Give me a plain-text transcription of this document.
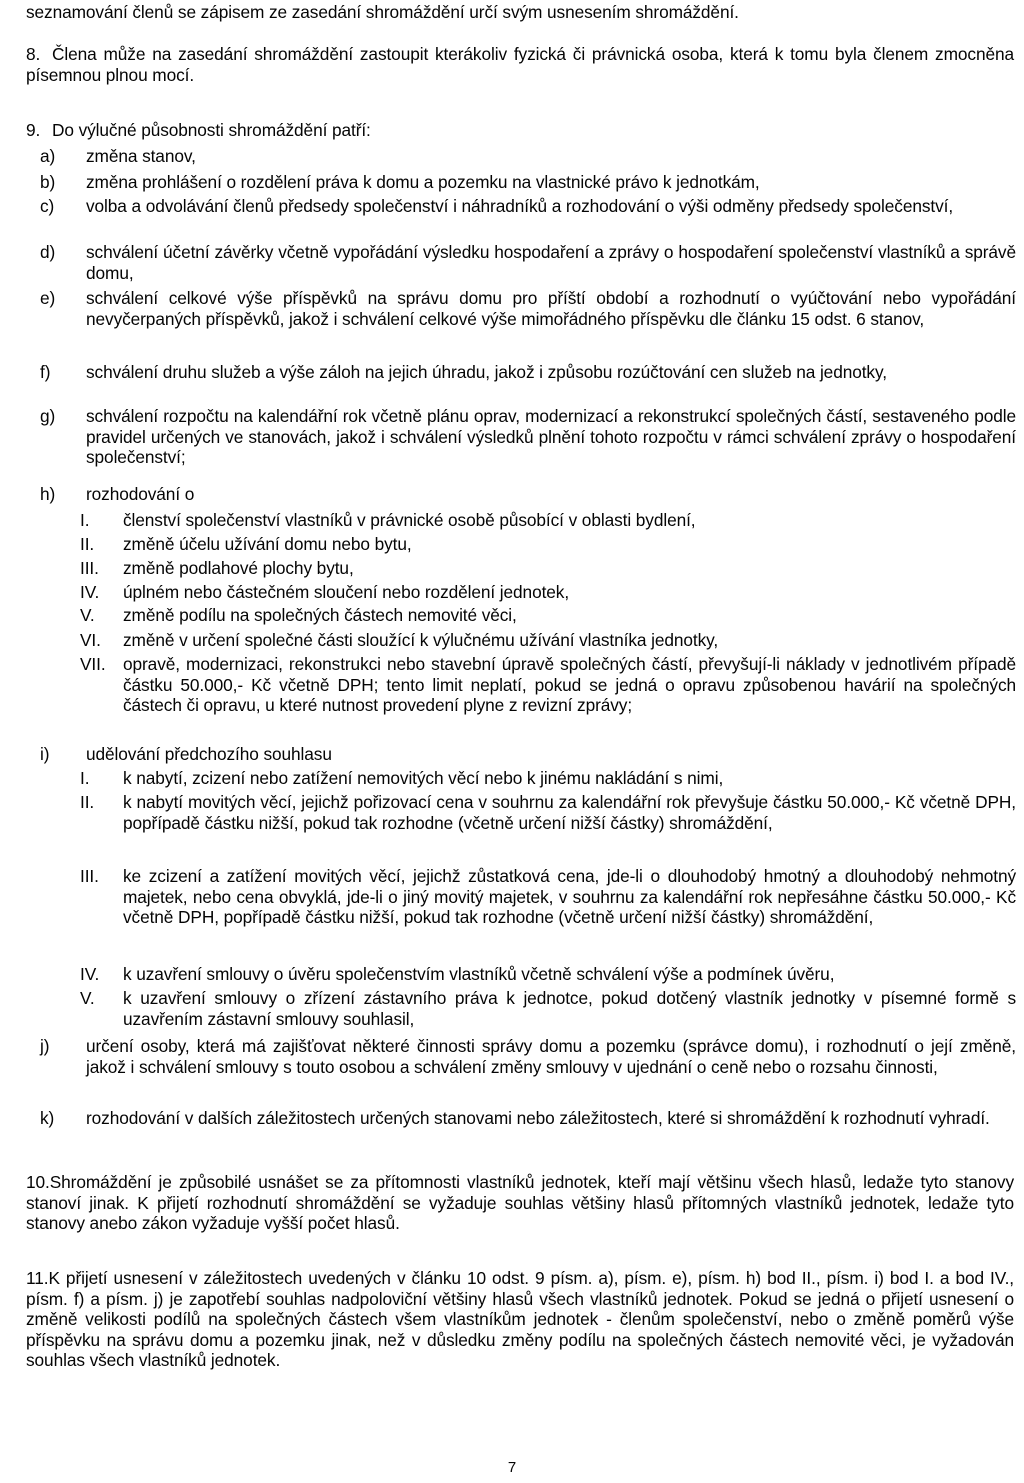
seznamování členů se zápisem ze zasedání shromáždění určí svým usnesením shromáždění.

8. Člena může na zasedání shromáždění zastoupit kterákoliv fyzická či právnická osoba, která k tomu byla členem zmocněna písemnou plnou mocí.

9. Do výlučné působnosti shromáždění patří:

a)	změna stanov,
b)	změna prohlášení o rozdělení práva k domu a pozemku na vlastnické právo k jednotkám,
c)	volba a odvolávání členů předsedy společenství i náhradníků a rozhodování o výši odměny předsedy společenství,
d)	schválení účetní závěrky včetně vypořádání výsledku hospodaření a zprávy o hospodaření společenství vlastníků a správě domu,
e)	schválení celkové výše příspěvků na správu domu pro příští období a rozhodnutí o vyúčtování nebo vypořádání nevyčerpaných příspěvků, jakož i schválení celkové výše mimořádného příspěvku dle článku 15 odst. 6 stanov,
f)	schválení druhu služeb a výše záloh na jejich úhradu, jakož i způsobu rozúčtování cen služeb na jednotky,
g)	schválení rozpočtu na kalendářní rok včetně plánu oprav, modernizací a rekonstrukcí společných částí, sestaveného podle pravidel určených ve stanovách, jakož i schválení výsledků plnění tohoto rozpočtu v rámci schválení zprávy o hospodaření společenství;
h)	rozhodování o
I.	členství společenství vlastníků v právnické osobě působící v oblasti bydlení,
II.	změně účelu užívání domu nebo bytu,
III.	změně podlahové plochy bytu,
IV.	úplném nebo částečném sloučení nebo rozdělení jednotek,
V.	změně podílu na společných částech nemovité věci,
VI.	změně v určení společné části sloužící k výlučnému užívání vlastníka jednotky,
VII.	opravě, modernizaci, rekonstrukci nebo stavební úpravě společných částí, převyšují-li náklady v jednotlivém případě částku 50.000,- Kč včetně DPH; tento limit neplatí, pokud se jedná o opravu způsobenou havárií na společných částech či opravu, u které nutnost provedení plyne z revizní zprávy;
i)	udělování předchozího souhlasu
I.	k nabytí, zcizení nebo zatížení nemovitých věcí nebo k jinému nakládání s nimi,
II.	k nabytí movitých věcí, jejichž pořizovací cena v souhrnu za kalendářní rok převyšuje částku 50.000,- Kč včetně DPH, popřípadě částku nižší, pokud tak rozhodne (včetně určení nižší částky) shromáždění,
III.	ke zcizení a zatížení movitých věcí, jejichž zůstatková cena, jde-li o dlouhodobý hmotný a dlouhodobý nehmotný majetek, nebo cena obvyklá, jde-li o jiný movitý majetek, v souhrnu za kalendářní rok nepřesáhne částku 50.000,- Kč včetně DPH, popřípadě částku nižší, pokud tak rozhodne (včetně určení nižší částky) shromáždění,
IV.	k uzavření smlouvy o úvěru společenstvím vlastníků včetně schválení výše a podmínek úvěru,
V.	k uzavření smlouvy o zřízení zástavního práva k jednotce, pokud dotčený vlastník jednotky v písemné formě s uzavřením zástavní smlouvy souhlasil,
j)	určení osoby, která má zajišťovat některé činnosti správy domu a pozemku (správce domu), i rozhodnutí o její změně, jakož i schválení smlouvy s touto osobou a schválení změny smlouvy v ujednání o ceně nebo o rozsahu činnosti,
k)	rozhodování v dalších záležitostech určených stanovami nebo záležitostech, které si shromáždění k rozhodnutí vyhradí.

10.Shromáždění je způsobilé usnášet se za přítomnosti vlastníků jednotek, kteří mají většinu všech hlasů, ledaže tyto stanovy stanoví jinak. K přijetí rozhodnutí shromáždění se vyžaduje souhlas většiny hlasů přítomných vlastníků jednotek, ledaže tyto stanovy anebo zákon vyžaduje vyšší počet hlasů.

11.K přijetí usnesení v záležitostech uvedených v článku 10 odst. 9 písm. a), písm. e), písm. h) bod II., písm. i) bod I. a bod IV., písm. f) a písm. j) je zapotřebí souhlas nadpoloviční většiny hlasů všech vlastníků jednotek. Pokud se jedná o přijetí usnesení o změně velikosti podílů na společných částech všem vlastníkům jednotek - členům společenství, nebo o změně poměrů výše příspěvku na správu domu a pozemku jinak, než v důsledku změny podílu na společných částech nemovité věci, je vyžadován souhlas všech vlastníků jednotek.

7
